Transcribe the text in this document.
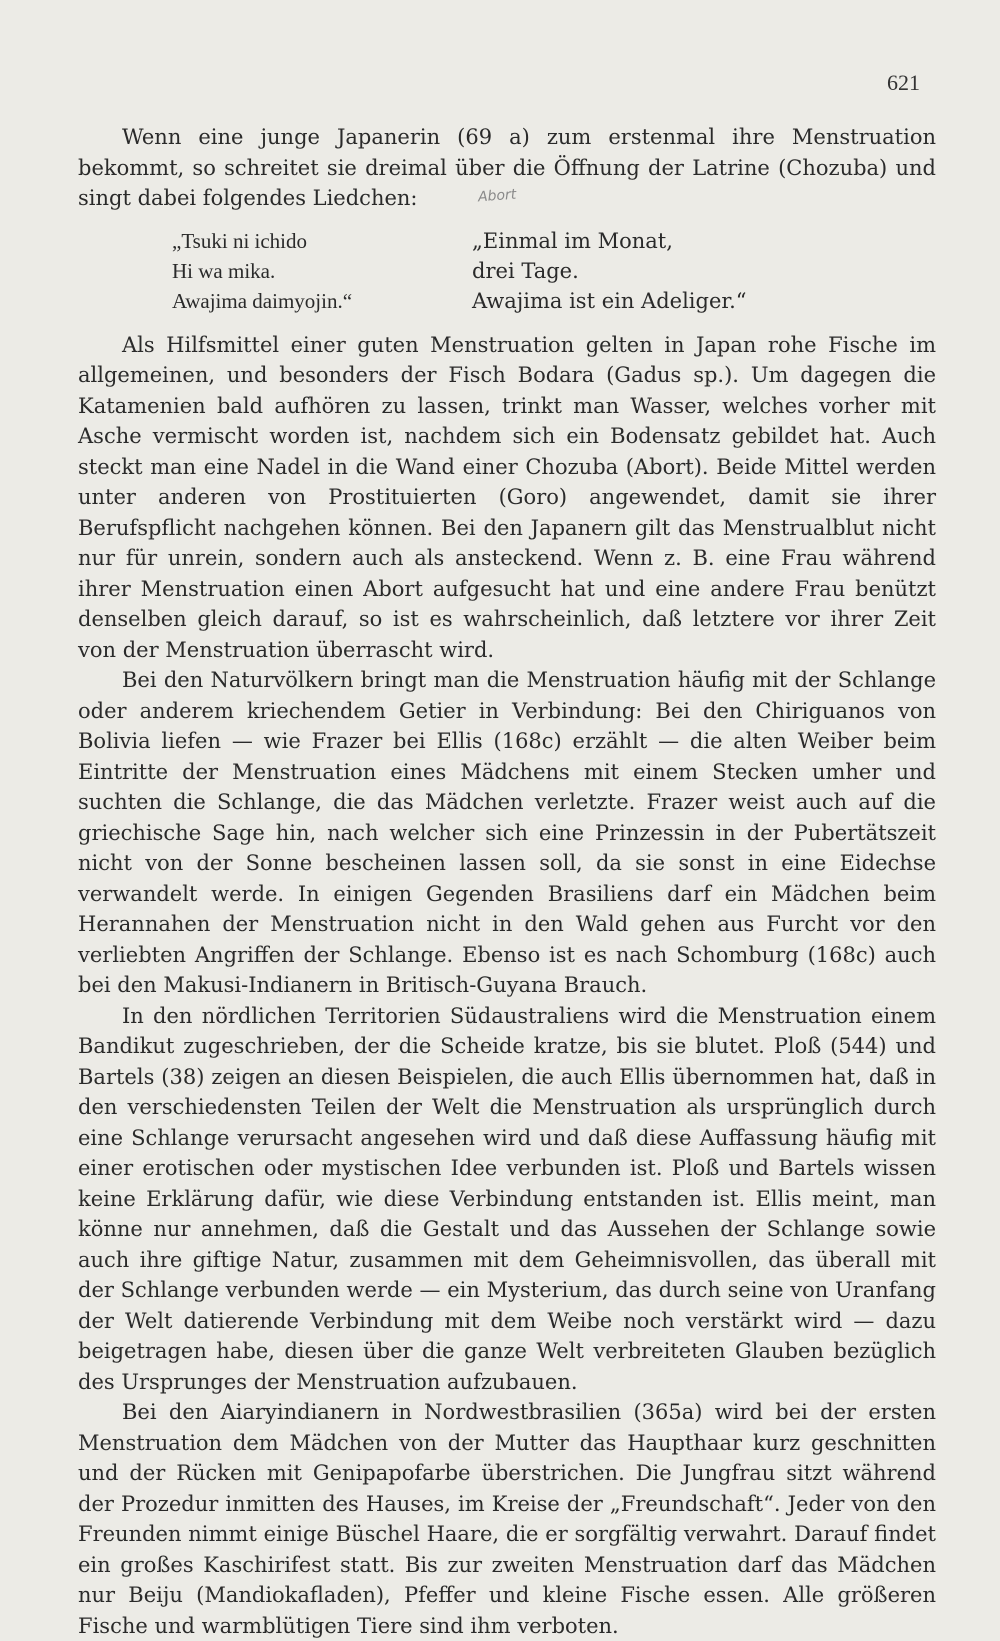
621
Abort

Wenn eine junge Japanerin (69 a) zum erstenmal ihre Menstruation bekommt, so schreitet sie dreimal über die Öffnung der Latrine (Chozuba) und singt dabei folgendes Liedchen:

„Tsuki ni ichido
Hi wa mika.
Awajima daimyojin.“
„Einmal im Monat,
drei Tage.
Awajima ist ein Adeliger.“

Als Hilfsmittel einer guten Menstruation gelten in Japan rohe Fische im allgemeinen, und besonders der Fisch Bodara (Gadus sp.). Um dagegen die Katamenien bald aufhören zu lassen, trinkt man Wasser, welches vorher mit Asche vermischt worden ist, nachdem sich ein Bodensatz gebildet hat. Auch steckt man eine Nadel in die Wand einer Chozuba (Abort). Beide Mittel werden unter anderen von Prostituierten (Goro) angewendet, damit sie ihrer Berufspflicht nachgehen können. Bei den Japanern gilt das Menstrualblut nicht nur für unrein, sondern auch als ansteckend. Wenn z. B. eine Frau während ihrer Menstruation einen Abort aufgesucht hat und eine andere Frau benützt denselben gleich darauf, so ist es wahrscheinlich, daß letztere vor ihrer Zeit von der Menstruation überrascht wird.

Bei den Naturvölkern bringt man die Menstruation häufig mit der Schlange oder anderem kriechendem Getier in Verbindung: Bei den Chiriguanos von Bolivia liefen — wie Frazer bei Ellis (168c) erzählt — die alten Weiber beim Eintritte der Menstruation eines Mädchens mit einem Stecken umher und suchten die Schlange, die das Mädchen verletzte. Frazer weist auch auf die griechische Sage hin, nach welcher sich eine Prinzessin in der Pubertätszeit nicht von der Sonne bescheinen lassen soll, da sie sonst in eine Eidechse verwandelt werde. In einigen Gegenden Brasiliens darf ein Mädchen beim Herannahen der Menstruation nicht in den Wald gehen aus Furcht vor den verliebten Angriffen der Schlange. Ebenso ist es nach Schomburg (168c) auch bei den Makusi-Indianern in Britisch-Guyana Brauch.

In den nördlichen Territorien Südaustraliens wird die Menstruation einem Bandikut zugeschrieben, der die Scheide kratze, bis sie blutet. Ploß (544) und Bartels (38) zeigen an diesen Beispielen, die auch Ellis übernommen hat, daß in den verschiedensten Teilen der Welt die Menstruation als ursprünglich durch eine Schlange verursacht angesehen wird und daß diese Auffassung häufig mit einer erotischen oder mystischen Idee verbunden ist. Ploß und Bartels wissen keine Erklärung dafür, wie diese Verbindung entstanden ist. Ellis meint, man könne nur annehmen, daß die Gestalt und das Aussehen der Schlange sowie auch ihre giftige Natur, zusammen mit dem Geheimnisvollen, das überall mit der Schlange verbunden werde — ein Mysterium, das durch seine von Uranfang der Welt datierende Verbindung mit dem Weibe noch verstärkt wird — dazu beigetragen habe, diesen über die ganze Welt verbreiteten Glauben bezüglich des Ursprunges der Menstruation aufzubauen.

Bei den Aiaryindianern in Nordwestbrasilien (365a) wird bei der ersten Menstruation dem Mädchen von der Mutter das Haupthaar kurz geschnitten und der Rücken mit Genipapofarbe überstrichen. Die Jungfrau sitzt während der Prozedur inmitten des Hauses, im Kreise der „Freundschaft“. Jeder von den Freunden nimmt einige Büschel Haare, die er sorgfältig verwahrt. Darauf findet ein großes Kaschirifest statt. Bis zur zweiten Menstruation darf das Mädchen nur Beiju (Mandiokafladen), Pfeffer und kleine Fische essen. Alle größeren Fische und warmblütigen Tiere sind ihm verboten.
